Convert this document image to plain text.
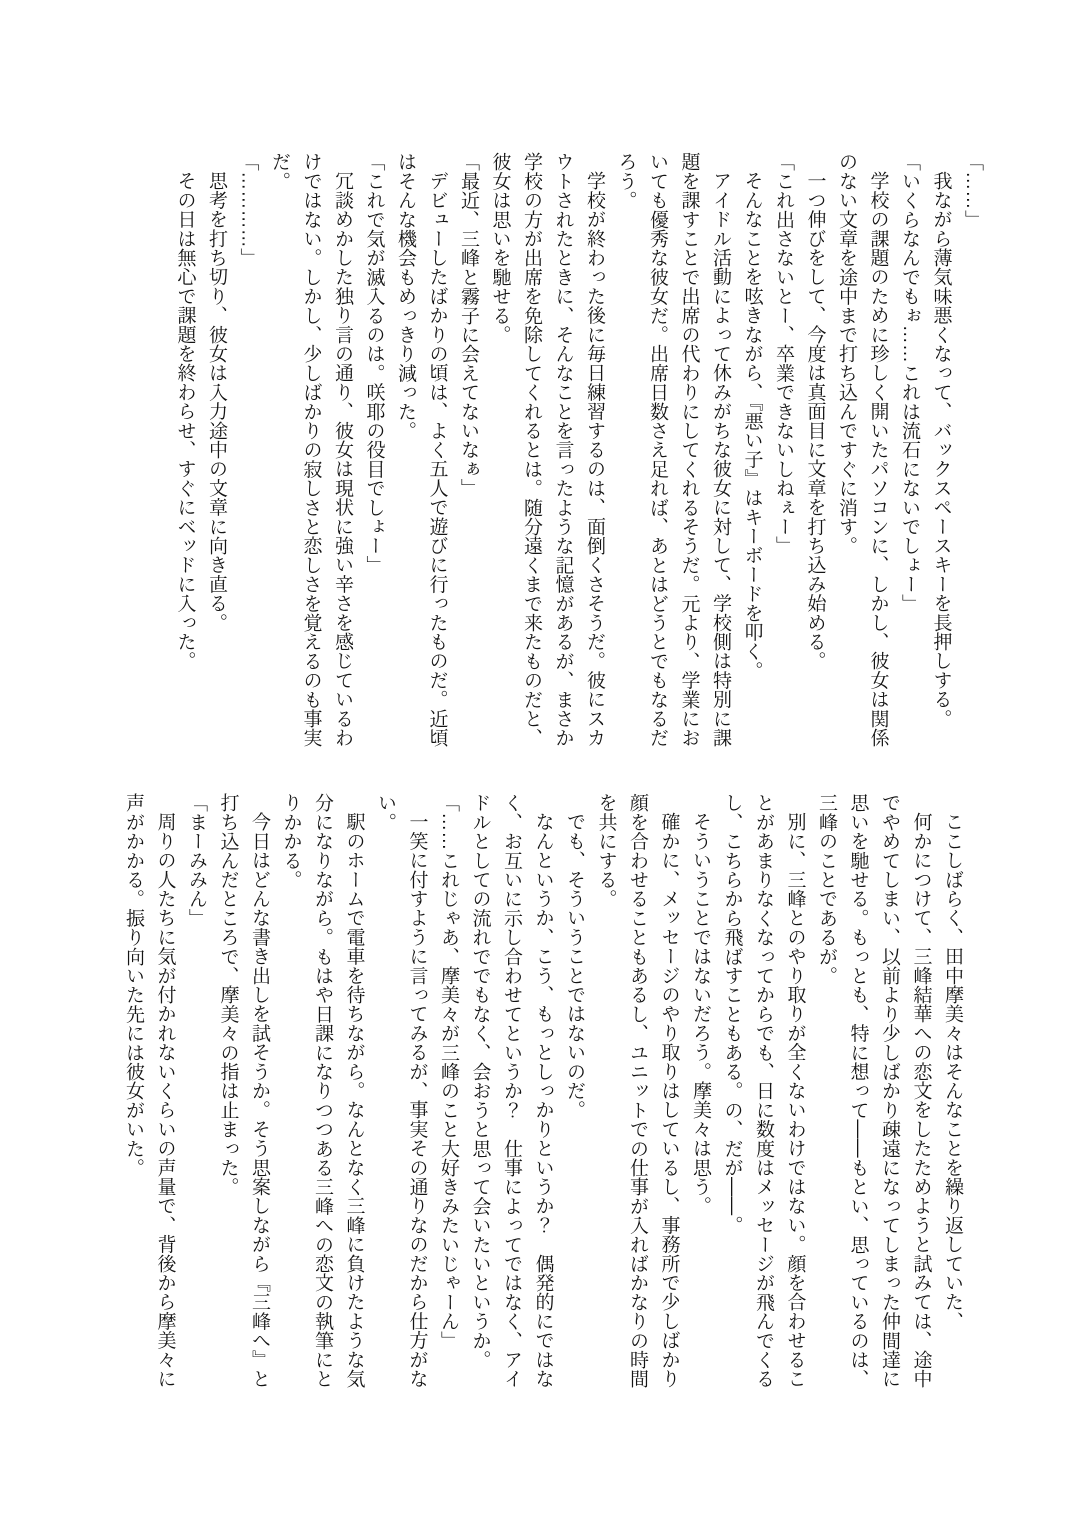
「……」

我ながら薄気味悪くなって、バックスペースキーを長押しする。

「いくらなんでもぉ……これは流石にないでしょー」

学校の課題のために珍しく開いたパソコンに、しかし、彼女は関係のない文章を途中まで打ち込んですぐに消す。

一つ伸びをして、今度は真面目に文章を打ち込み始める。

「これ出さないとー、卒業できないしねぇー」

そんなことを呟きながら、『悪い子』はキーボードを叩く。

アイドル活動によって休みがちな彼女に対して、学校側は特別に課題を課すことで出席の代わりにしてくれるそうだ。元より、学業においても優秀な彼女だ。出席日数さえ足れば、あとはどうとでもなるだろう。

学校が終わった後に毎日練習するのは、面倒くさそうだ。彼にスカウトされたときに、そんなことを言ったような記憶があるが、まさか学校の方が出席を免除してくれるとは。随分遠くまで来たものだと、彼女は思いを馳せる。

「最近、三峰と霧子に会えてないなぁ」

デビューしたばかりの頃は、よく五人で遊びに行ったものだ。近頃はそんな機会もめっきり減った。

「これで気が滅入るのは。咲耶の役目でしょー」

冗談めかした独り言の通り、彼女は現状に強い辛さを感じているわけではない。しかし、少しばかりの寂しさと恋しさを覚えるのも事実だ。

「…………」

思考を打ち切り、彼女は入力途中の文章に向き直る。

その日は無心で課題を終わらせ、すぐにベッドに入った。

ここしばらく、田中摩美々はそんなことを繰り返していた、

何かにつけて、三峰結華への恋文をしたためようと試みては、途中でやめてしまい、以前より少しばかり疎遠になってしまった仲間達に思いを馳せる。もっとも、特に想って――もとい、思っているのは、三峰のことであるが。

別に、三峰とのやり取りが全くないわけではない。顔を合わせることがあまりなくなってからでも、日に数度はメッセージが飛んでくるし、こちらから飛ばすこともある。の、だが――。

そういうことではないだろう。摩美々は思う。

確かに、メッセージのやり取りはしているし、事務所で少しばかり顔を合わせることもあるし、ユニットでの仕事が入ればかなりの時間を共にする。

でも、そういうことではないのだ。

なんというか、こう、もっとしっかりというか？　偶発的にではなく、お互いに示し合わせてというか？　仕事によってではなく、アイドルとしての流れででもなく、会おうと思って会いたいというか。

「……これじゃあ、摩美々が三峰のこと大好きみたいじゃーん」

一笑に付すように言ってみるが、事実その通りなのだから仕方がない。

駅のホームで電車を待ちながら。なんとなく三峰に負けたような気分になりながら。もはや日課になりつつある三峰への恋文の執筆にとりかかる。

今日はどんな書き出しを試そうか。そう思案しながら『三峰へ』と打ち込んだところで、摩美々の指は止まった。

「まーみみん」

周りの人たちに気が付かれないくらいの声量で、背後から摩美々に声がかかる。振り向いた先には彼女がいた。
